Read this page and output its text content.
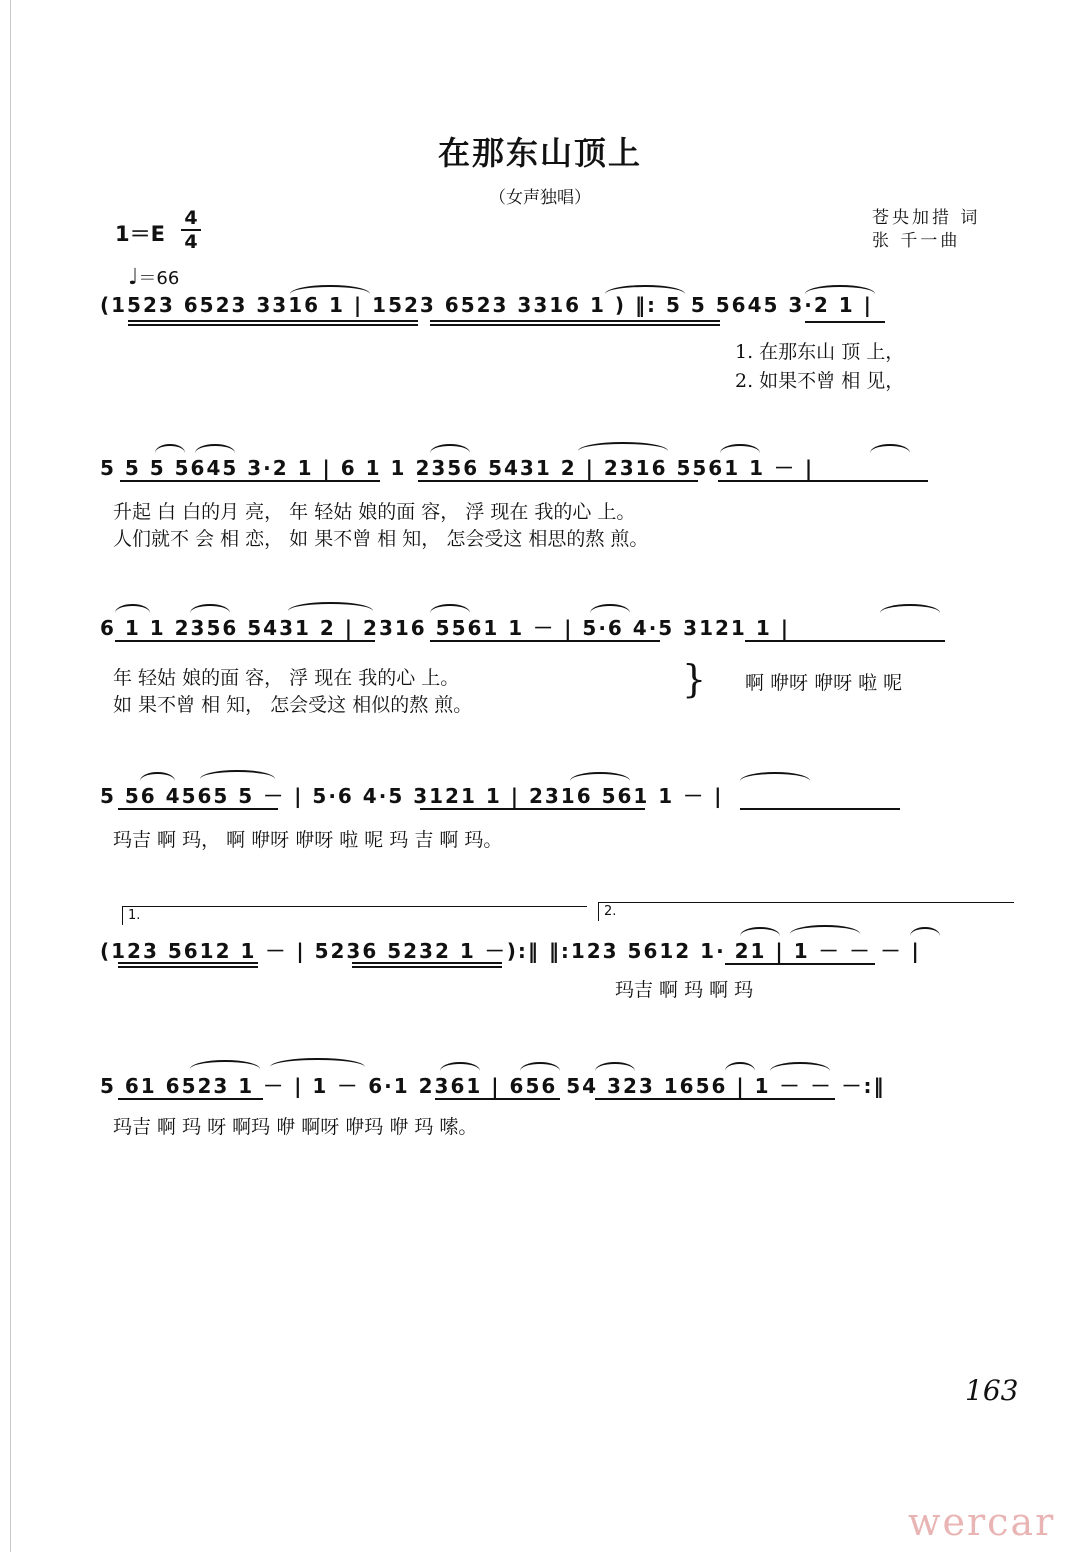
在那东山顶上
（女声独唱）
苍央加措 词
张 千一曲
1＝E
4
4
♩＝66
(1523 6523 3316 1 | 1523 6523 3316 1 ) ‖: 5 5 5645 3·2 1 |
1. 在那东山 顶 上，
2. 如果不曾 相 见，
5 5 5 5645 3·2 1 | 6 1 1 2356 5431 2 | 2316 5561 1 － |
升起 白 白的月 亮， 年 轻姑 娘的面 容， 浮 现在 我的心 上。
人们就不 会 相 恋， 如 果不曾 相 知， 怎会受这 相思的熬 煎。
6 1 1 2356 5431 2 | 2316 5561 1 － | 5·6 4·5 3121 1 |
年 轻姑 娘的面 容， 浮 现在 我的心 上。
如 果不曾 相 知， 怎会受这 相似的熬 煎。
} 啊 咿呀 咿呀 啦 呢
5 56 4565 5 － | 5·6 4·5 3121 1 | 2316 561 1 － |
玛吉 啊 玛， 啊 咿呀 咿呀 啦 呢 玛 吉 啊 玛。
1.	2.
(123 5612 1 － | 5236 5232 1 －):‖ ‖:123 5612 1· 21 | 1 － － － |
玛吉 啊 玛 啊 玛
5 61 6523 1 － | 1 － 6·1 2361 | 656 54 323 1656 | 1 － － －:‖
玛吉 啊 玛 呀 啊玛 咿 啊呀 咿玛 咿 玛 嗦。
163
wercar
